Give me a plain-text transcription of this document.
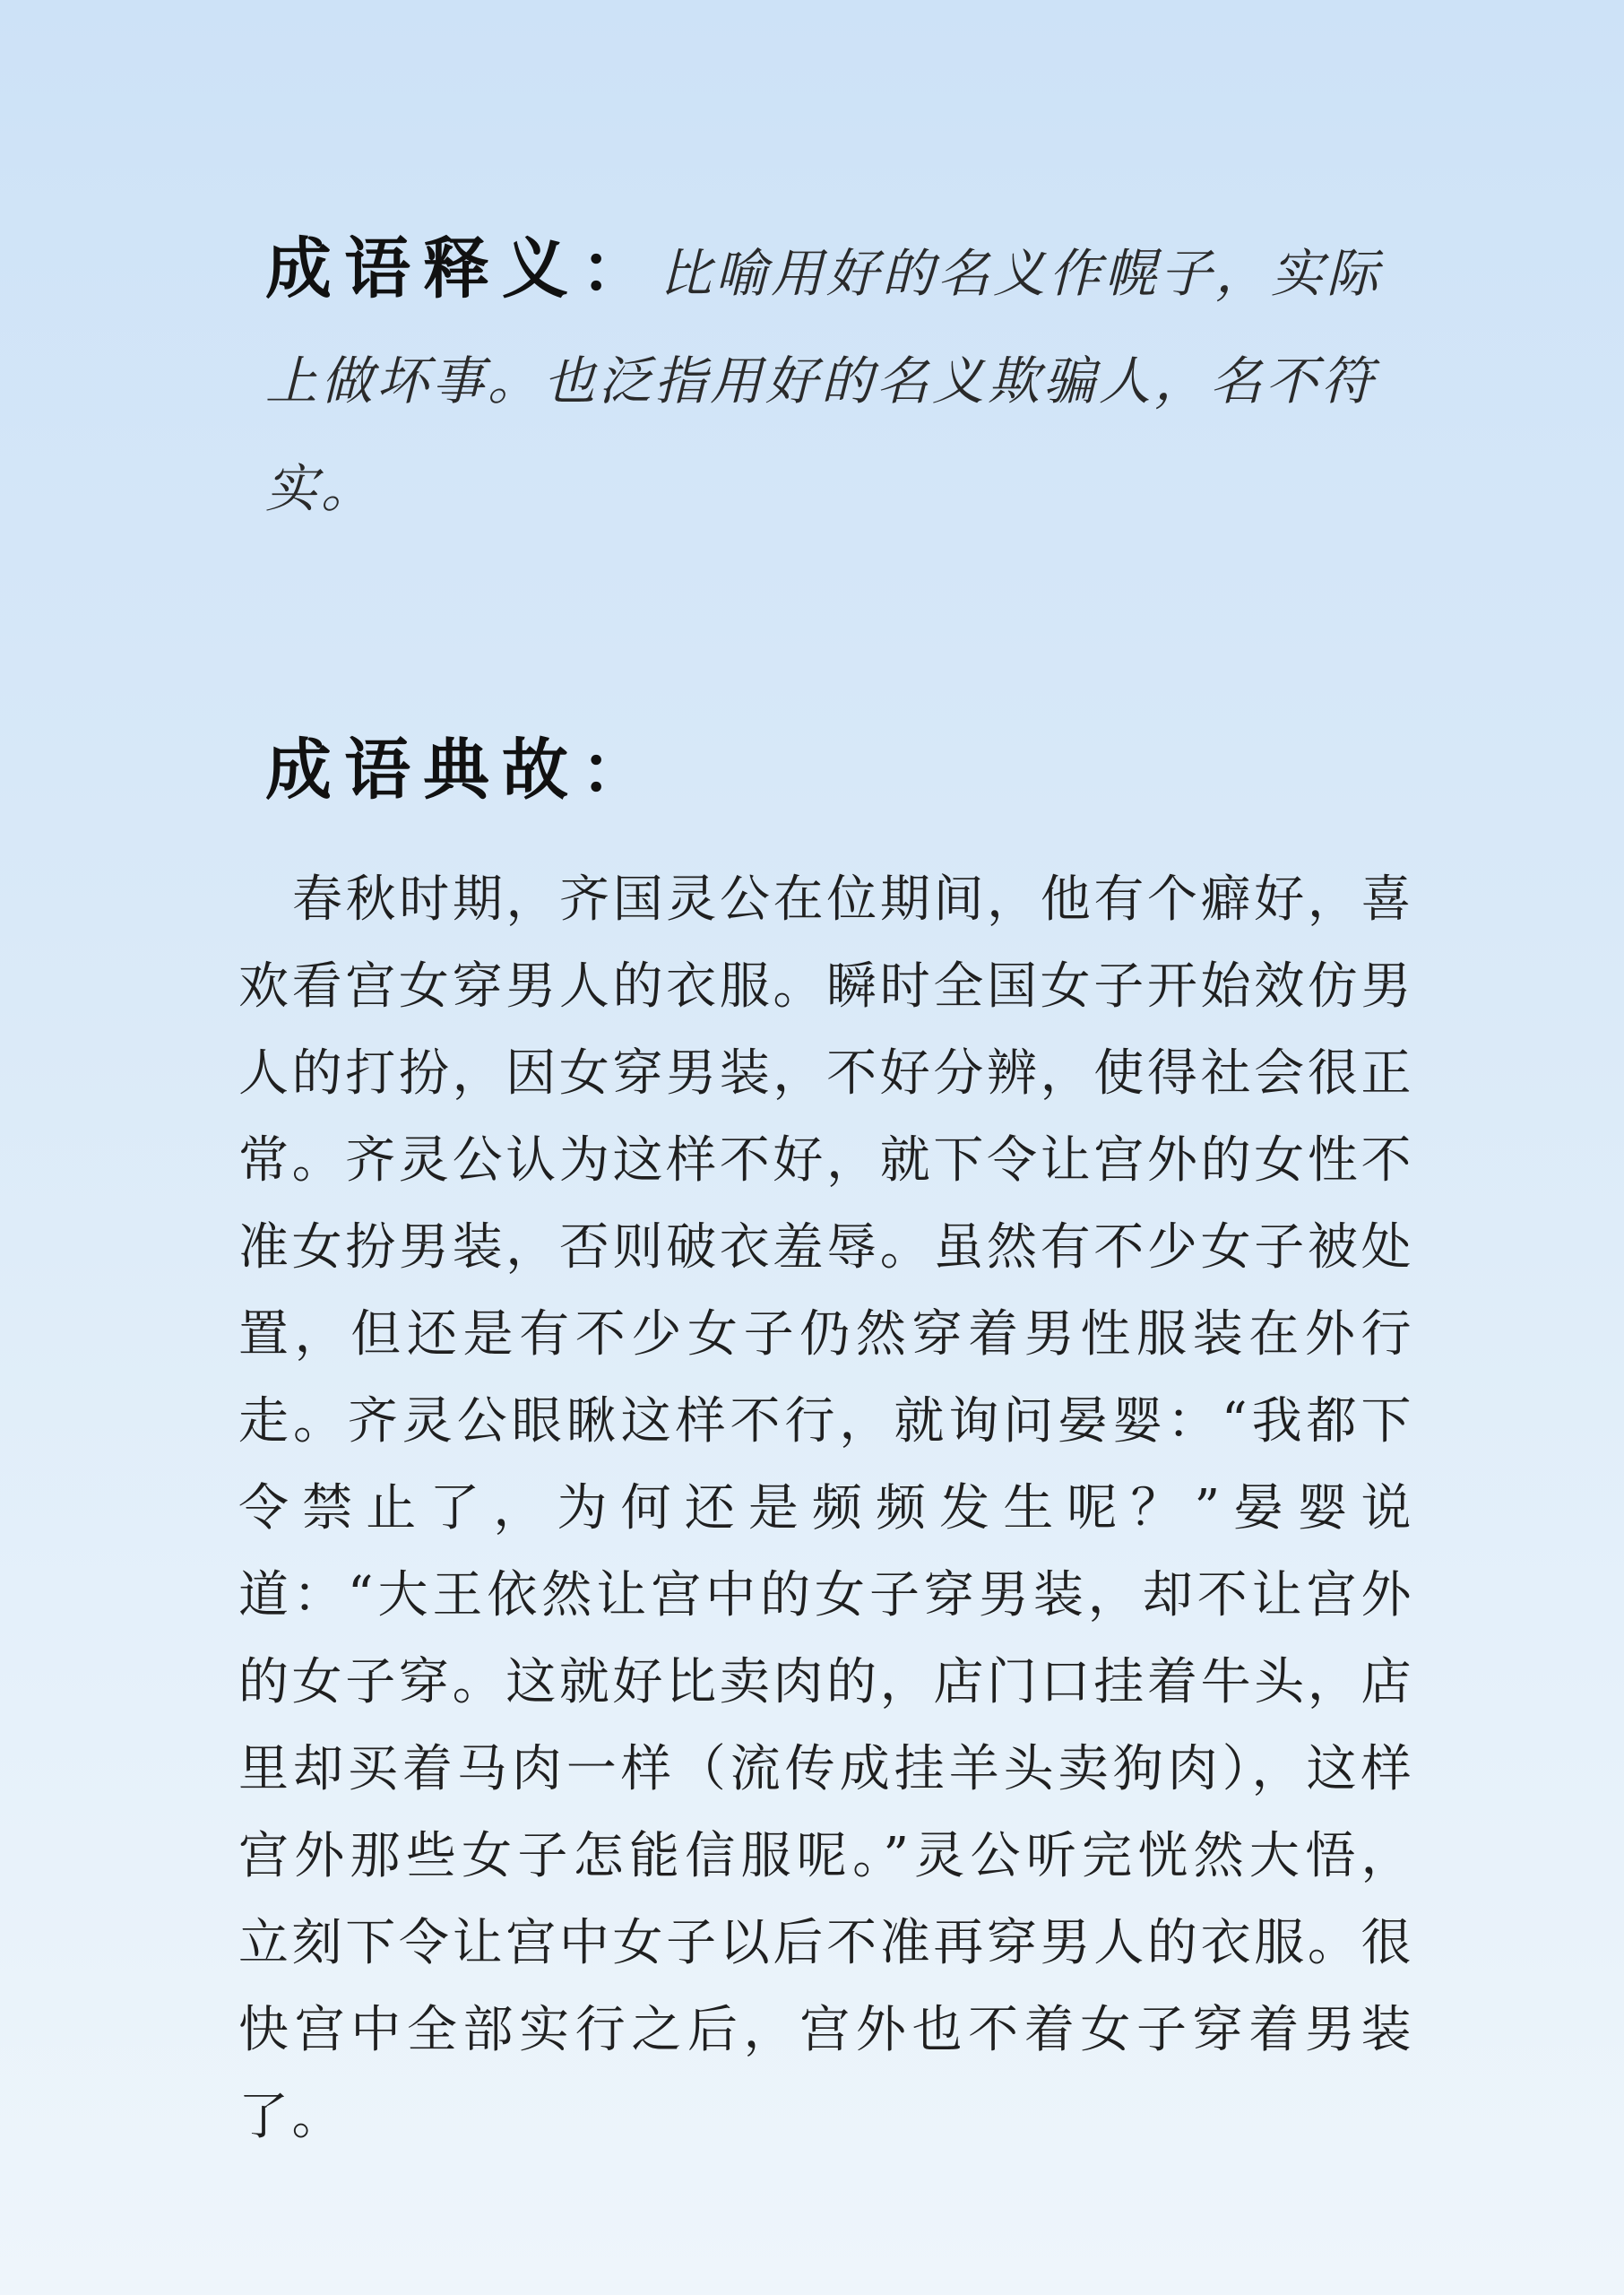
成语释义：比喻用好的名义作幌子，实际上做坏事。也泛指用好的名义欺骗人，名不符实。
成语典故：

春秋时期，齐国灵公在位期间，他有个癖好，喜欢看宫女穿男人的衣服。瞬时全国女子开始效仿男人的打扮，因女穿男装，不好分辨，使得社会很正常。齐灵公认为这样不好，就下令让宫外的女性不准女扮男装，否则破衣羞辱。虽然有不少女子被处置，但还是有不少女子仍然穿着男性服装在外行走。齐灵公眼瞅这样不行，就询问晏婴：“我都下令禁止了，为何还是频频发生呢？”晏婴说道：“大王依然让宫中的女子穿男装，却不让宫外的女子穿。这就好比卖肉的，店门口挂着牛头，店里却买着马肉一样（流传成挂羊头卖狗肉），这样宫外那些女子怎能信服呢。”灵公听完恍然大悟，立刻下令让宫中女子以后不准再穿男人的衣服。很快宫中全部实行之后，宫外也不着女子穿着男装了。
